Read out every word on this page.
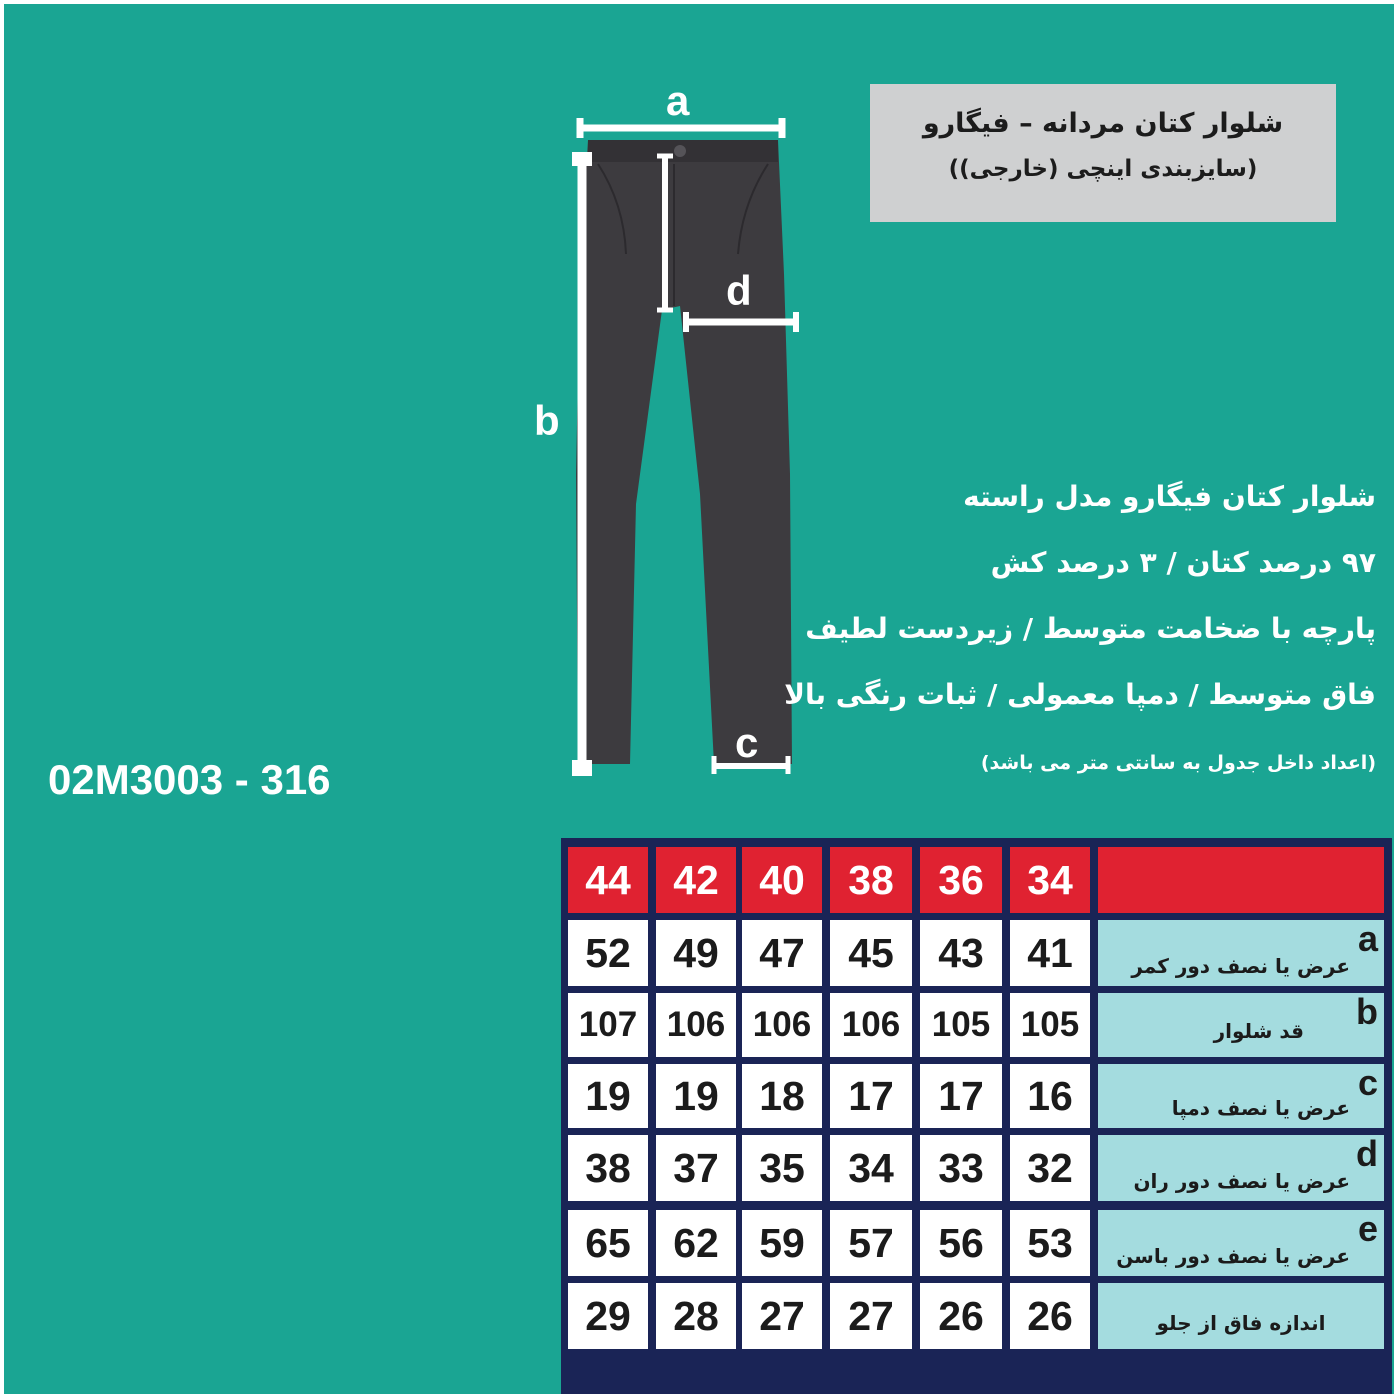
شلوار کتان مردانه – فیگارو
(سایزبندی اینچی (خارجی))
a
b
d
c
شلوار کتان فیگارو مدل راسته
۹۷ درصد کتان / ۳ درصد کش
پارچه با ضخامت متوسط / زیردست لطیف
فاق متوسط / دمپا معمولی / ثبات رنگی بالا
(اعداد داخل جدول به سانتی متر می باشد)
02M3003 - 316
44	42 40	38	36	34
52	49 47	45	43	41	a
عرض یا نصف دور کمر
107 106 106 106 105 105	b
قد شلوار
19	19 18	17	17	16	c
عرض یا نصف دمپا
38	37 35	34	33	32	d
عرض یا نصف دور ران
65	62 59	57	56	53	e
عرض یا نصف دور باسن
29	28 27	27	26	26	اندازه فاق از جلو
